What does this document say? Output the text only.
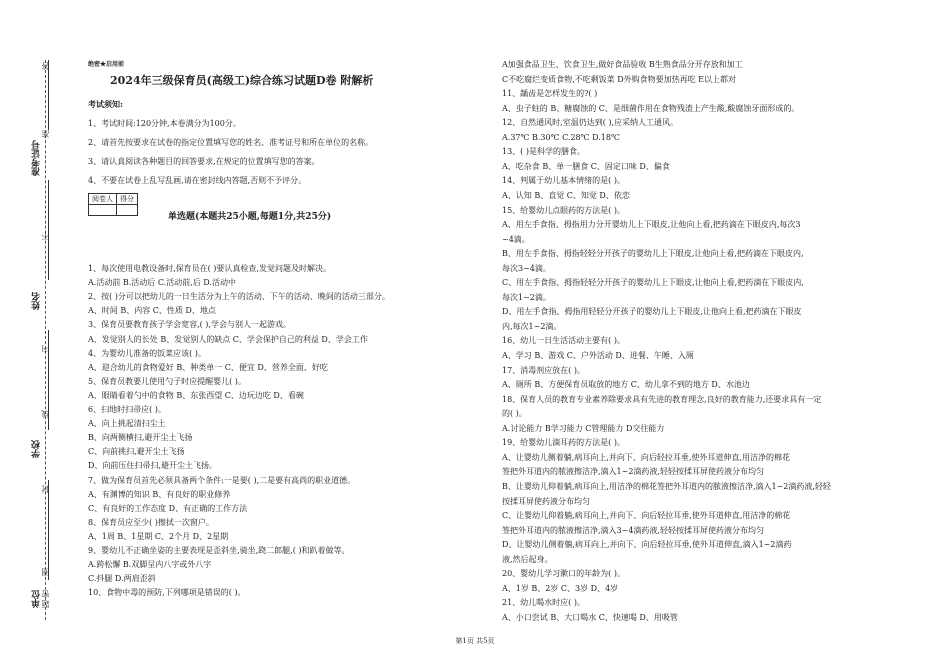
准考证号
姓名
学校
单位 密
封
线
内
不
准
答
题
圈
绝密★启用前
2024年三级保育员(高级工)综合练习试题D卷 附解析
考试须知:
1、考试时间:120分钟,本卷满分为100分。
2、请首先按要求在试卷的指定位置填写您的姓名、准考证号和所在单位的名称。
3、请认真阅读各种题目的回答要求,在规定的位置填写您的答案。
4、不要在试卷上乱写乱画,请在密封线内答题,否则不予评分。
阅卷人	得分

单选题(本题共25小题,每题1分,共25分)
1、每次使用电教设备时,保育员在( )要认真检查,发觉问题及时解决。
A.活动前 B.活动后 C.活动前,后 D.活动中
2、按( )分可以把幼儿的一日生活分为上午的活动、下午的活动、晚间的活动三部分。
A、时间 B、内容 C、性质 D、地点
3、保育员要教育孩子学会宽容,( ),学会与别人一起游戏。
A、发觉别人的长处 B、发觉别人的缺点 C、学会保护自己的利益 D、学会工作
4、为婴幼儿准备的饭菜应该( )。
A、迎合幼儿的食物爱好 B、种类单一 C、便宜 D、营养全面、好吃
5、保育员教要儿使用勺子时应提醒婴儿( )。
A、眼睛看着勺中的食物 B、东张西望 C、边玩边吃 D、看碗
6、扫地时扫帚应( )。
A、向上挑起清扫尘土
B、向两侧横扫,避开尘土飞扬
C、向前挑扫,避开尘土飞扬
D、向前压住扫帚扫,避开尘土飞扬。
7、做为保育员首先必须具备两个条件:一是要( ),二是要有高尚的职业道德。
A、有渊博的知识 B、有良好的职业修养
C、有良好的工作态度 D、有正确的工作方法
8、保育员应至少( )擦拭一次窗户。
A、1周 B、1星期 C、2个月 D、2星期
9、婴幼儿不正确坐姿的主要表现是歪斜坐,骑坐,跷二郎腿,( )和趴着做等。
A.跨松懈 B.双脚呈内八字或外八字
C.抖腿 D.两肩歪斜
10、食物中毒的预防,下列哪项是错误的( )。
A加强食品卫生、饮食卫生,做好食品验收 B生熟食品分开存放和加工
C不吃腐烂变质食物,不吃剩饭菜 D外购食物要加热再吃 E以上都对
11、龋齿是怎样发生的?( )
A、虫子蛀的 B、糖腐蚀的 C、是细菌作用在食物残渣上产生酸,酸腐蚀牙面形成的。
12、自然通风时,室温仍达到( ),应采纳人工通风。
A.37℃ B.30℃ C.28℃ D.18℃
13、( )是科学的膳食。
A、吃杂食 B、单一膳食 C、固定口味 D、偏食
14、判属于幼儿基本情绪的是( )。
A、认知 B、直觉 C、知觉 D、依恋
15、给婴幼儿点眼药的方法是( )。
A、用左手食指、拇指用力分开婴幼儿上下眼皮,让他向上看,把药滴在下眼皮内,每次3
~4滴。
B、用左手食指、拇指轻轻分开孩子的婴幼儿上下眼皮,让他向上看,把药滴在下眼皮内,
每次3~4滴。
C、用左手食指、拇指轻轻分开孩子的婴幼儿上下眼皮,让他向上看,把药滴在下眼皮内,
每次1~2滴。
D、用左手食指、拇指用轻轻分开孩子的婴幼儿上下眼皮,让他向上看,把药滴在下眼皮
内,每次1~2滴。
16、幼儿一日生活活动主要有( )。
A、学习 B、游戏 C、户外活动 D、进餐、午睡、入厕
17、消毒剂应放在( )。
A、厕所 B、方便保育员取放的地方 C、幼儿拿不到的地方 D、水池边
18、保育人员的教育专业素养除要求具有先进的教育理念,良好的教育能力,还要求具有一定
的( )。
A.讨论能力 B学习能力 C管理能力 D交往能力
19、给婴幼儿滴耳药的方法是( )。
A、让婴幼儿侧着躺,病耳向上,并向下、向后轻拉耳垂,使外耳道伸直,用洁净的棉花
签把外耳道内的脓液擦洁净,滴入1~2滴药液,轻轻按揉耳屏使药液分布均匀
B、让婴幼儿仰着躺,病耳向上,用洁净的棉花签把外耳道内的脓液擦洁净,滴入1~2滴药液,轻轻
按揉耳屏使药液分布均匀
C、让婴幼儿仰着躺,病耳向上,并向下、向后轻拉耳垂,使外耳道伸直,用洁净的棉花
签把外耳道内的脓液擦洁净,滴入3~4滴药液,轻轻按揉耳屏使药液分布均匀
D、让婴幼儿侧着躺,病耳向上,并向下、向后轻拉耳垂,使外耳道伸直,滴入1~2滴药
液,然后起身。
20、婴幼儿学习漱口的年龄为( )。
A、1岁 B、2岁 C、3岁 D、4岁
21、幼儿喝水时应( )。
A、小口尝试 B、大口喝水 C、快速喝 D、用吸管
第1页 共5页
